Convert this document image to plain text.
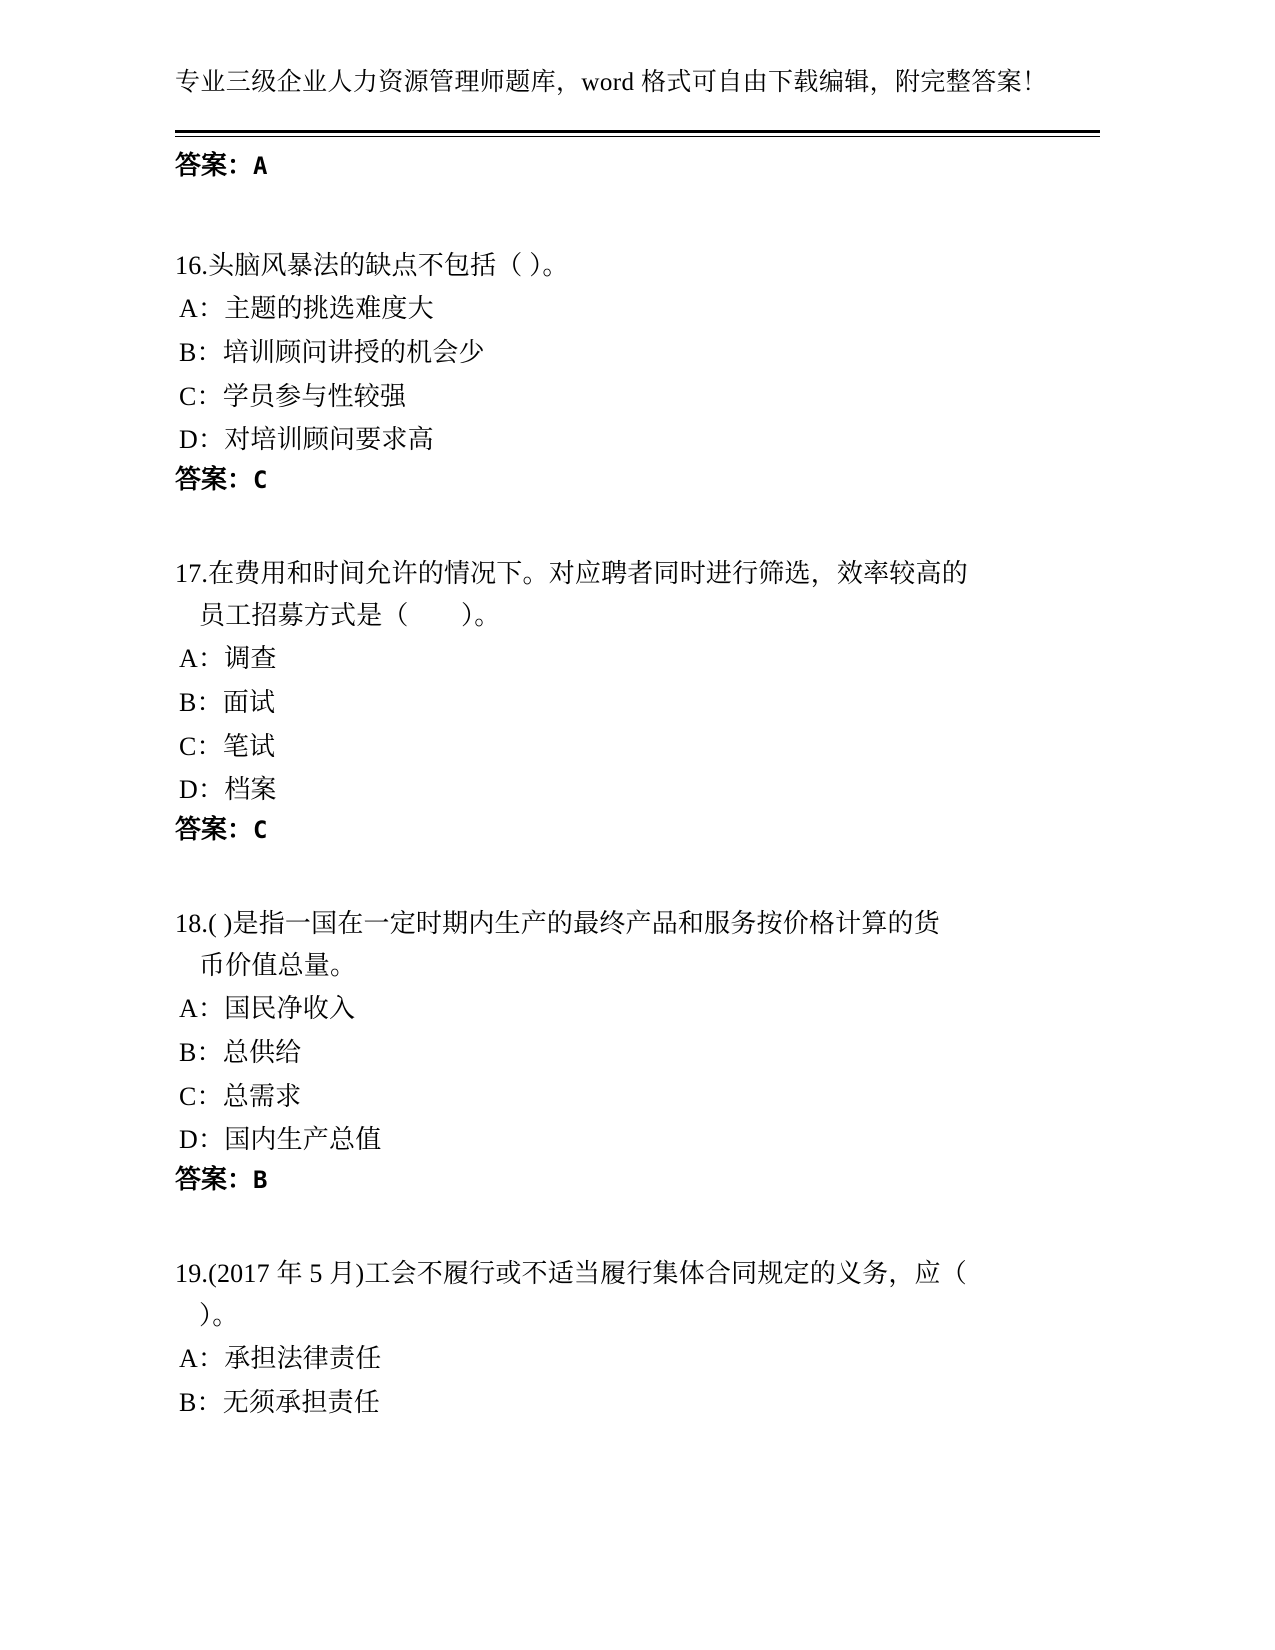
专业三级企业人力资源管理师题库，word 格式可自由下载编辑，附完整答案！

答案：A

16.头脑风暴法的缺点不包括（ ）。

A：主题的挑选难度大

B：培训顾问讲授的机会少

C：学员参与性较强

D：对培训顾问要求高

答案：C

17.在费用和时间允许的情况下。对应聘者同时进行筛选，效率较高的
员工招募方式是（　　）。

A：调查

B：面试

C：笔试

D：档案

答案：C

18.( )是指一国在一定时期内生产的最终产品和服务按价格计算的货
币价值总量。

A：国民净收入

B：总供给

C：总需求

D：国内生产总值

答案：B

19.(2017 年 5 月)工会不履行或不适当履行集体合同规定的义务，应（
）。

A：承担法律责任

B：无须承担责任
